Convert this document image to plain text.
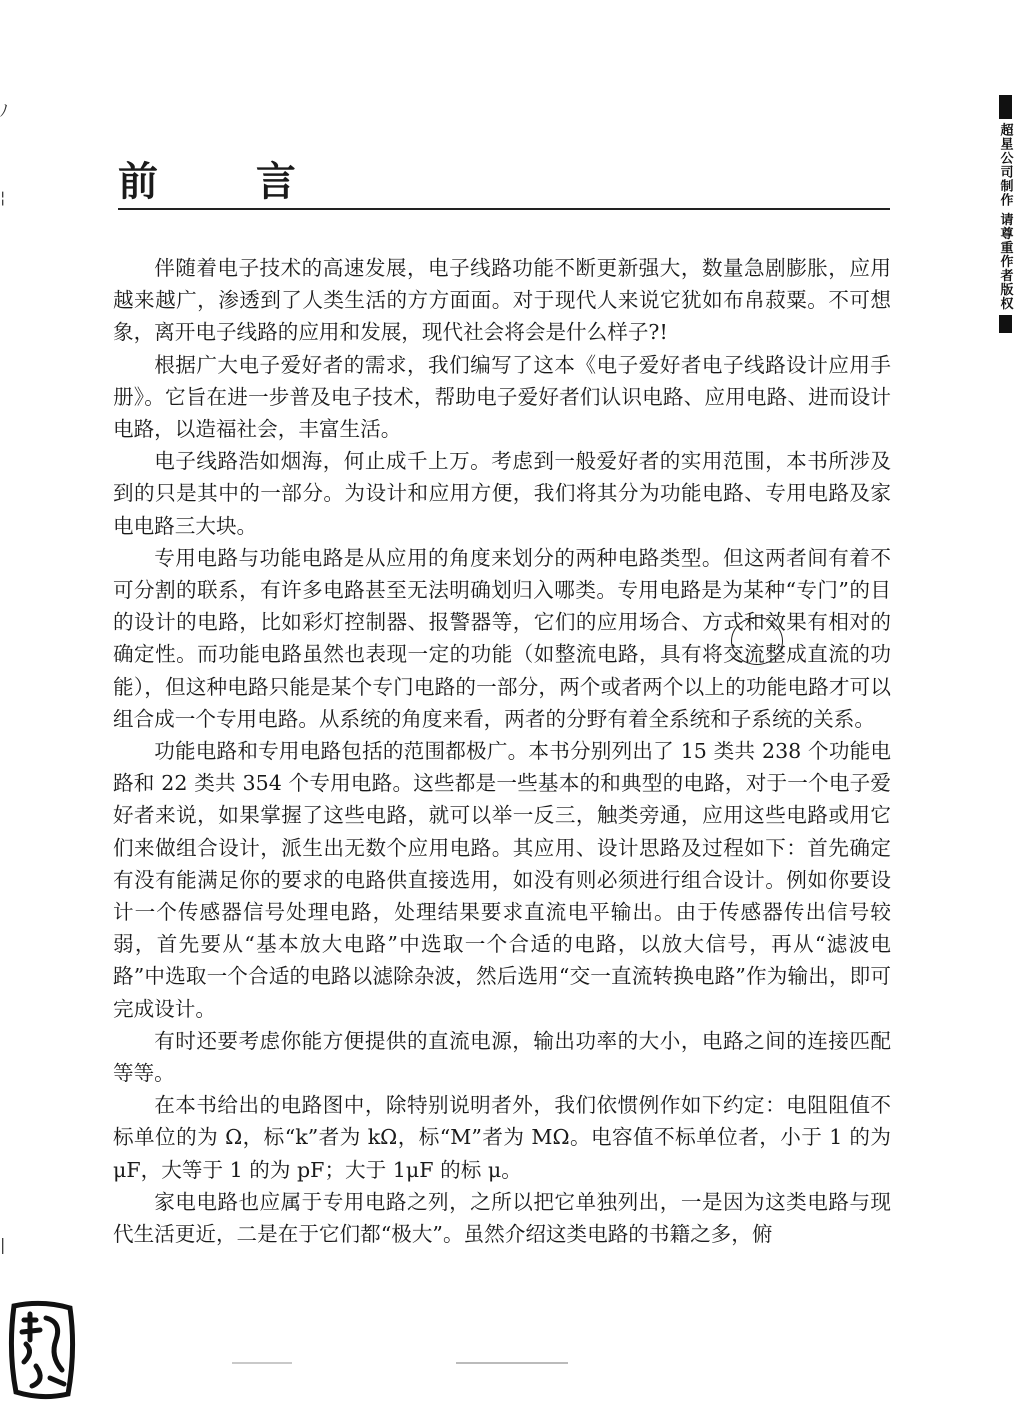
ﾉ
¦
|
前 言

伴随着电子技术的高速发展，电子线路功能不断更新强大，数量急剧膨胀，应用越来越广，渗透到了人类生活的方方面面。对于现代人来说它犹如布帛菽粟。不可想象，离开电子线路的应用和发展，现代社会将会是什么样子?!

根据广大电子爱好者的需求，我们编写了这本《电子爱好者电子线路设计应用手册》。它旨在进一步普及电子技术，帮助电子爱好者们认识电路、应用电路、进而设计电路，以造福社会，丰富生活。

电子线路浩如烟海，何止成千上万。考虑到一般爱好者的实用范围，本书所涉及到的只是其中的一部分。为设计和应用方便，我们将其分为功能电路、专用电路及家电电路三大块。

专用电路与功能电路是从应用的角度来划分的两种电路类型。但这两者间有着不可分割的联系，有许多电路甚至无法明确划归入哪类。专用电路是为某种“专门”的目的设计的电路，比如彩灯控制器、报警器等，它们的应用场合、方式和效果有相对的确定性。而功能电路虽然也表现一定的功能（如整流电路，具有将交流整成直流的功能），但这种电路只能是某个专门电路的一部分，两个或者两个以上的功能电路才可以组合成一个专用电路。从系统的角度来看，两者的分野有着全系统和子系统的关系。

功能电路和专用电路包括的范围都极广。本书分别列出了 15 类共 238 个功能电路和 22 类共 354 个专用电路。这些都是一些基本的和典型的电路，对于一个电子爱好者来说，如果掌握了这些电路，就可以举一反三，触类旁通，应用这些电路或用它们来做组合设计，派生出无数个应用电路。其应用、设计思路及过程如下：首先确定有没有能满足你的要求的电路供直接选用，如没有则必须进行组合设计。例如你要设计一个传感器信号处理电路，处理结果要求直流电平输出。由于传感器传出信号较弱，首先要从“基本放大电路”中选取一个合适的电路，以放大信号，再从“滤波电路”中选取一个合适的电路以滤除杂波，然后选用“交一直流转换电路”作为输出，即可完成设计。

有时还要考虑你能方便提供的直流电源，输出功率的大小，电路之间的连接匹配等等。

在本书给出的电路图中，除特别说明者外，我们依惯例作如下约定：电阻阻值不标单位的为 Ω，标“k”者为 kΩ，标“M”者为 MΩ。电容值不标单位者，小于 1 的为 μF，大等于 1 的为 pF；大于 1μF 的标 μ。

家电电路也应属于专用电路之列，之所以把它单独列出，一是因为这类电路与现代生活更近，二是在于它们都“极大”。虽然介绍这类电路的书籍之多，俯

超星公司制作 请尊重作者版权
